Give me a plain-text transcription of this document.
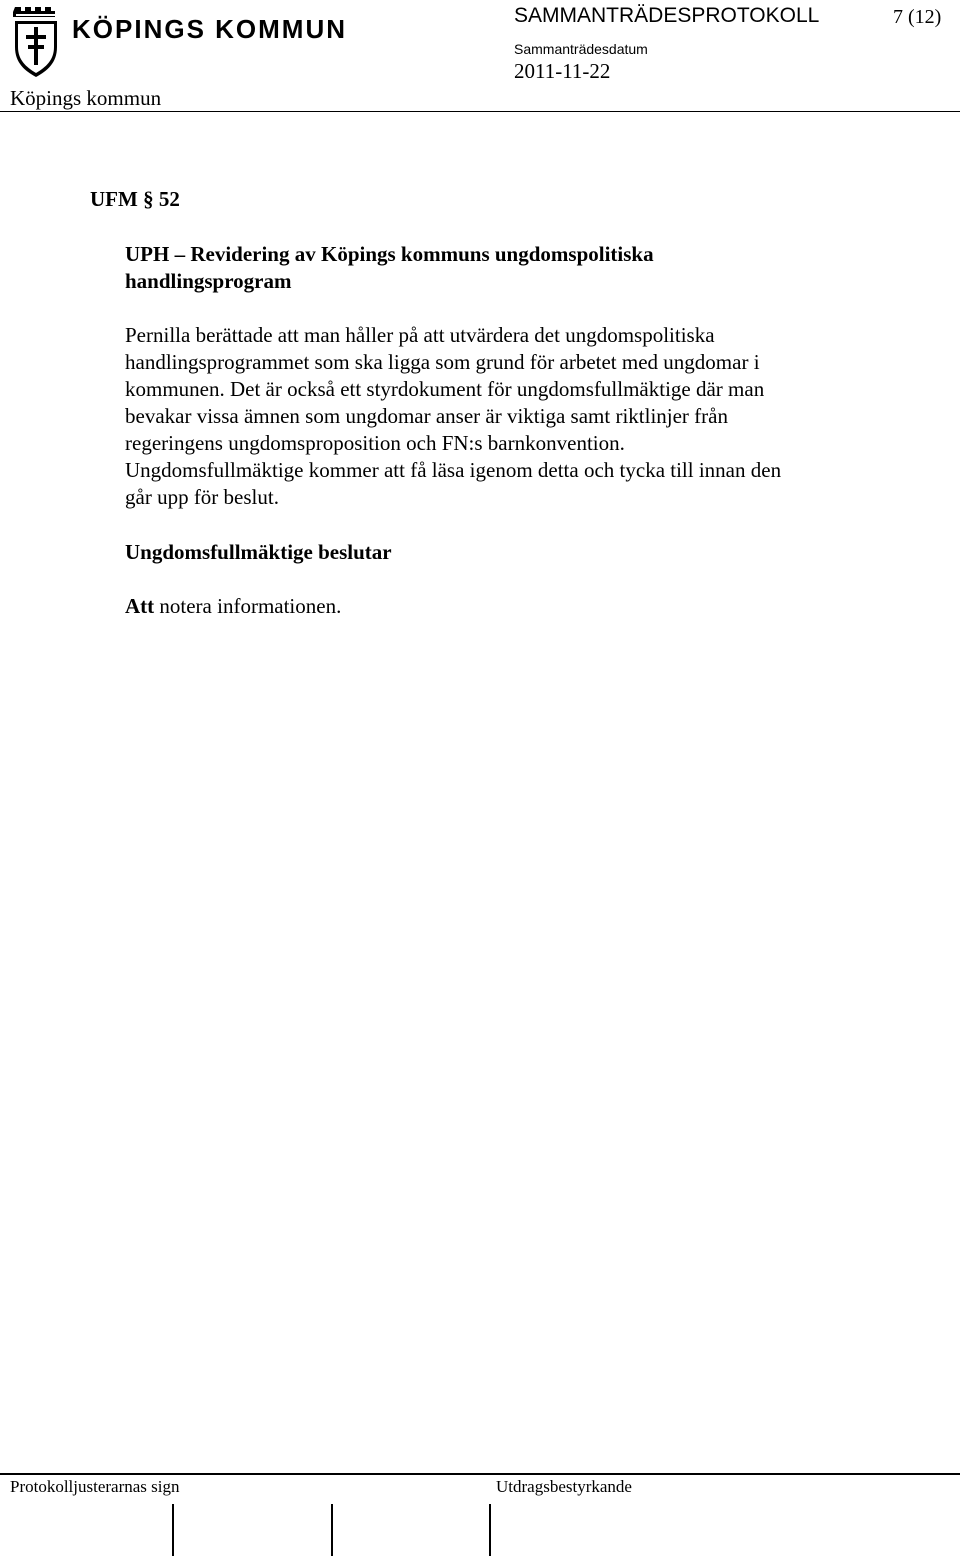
KÖPINGS KOMMUN
Köpings kommun
SAMMANTRÄDESPROTOKOLL	7 (12)
Sammanträdesdatum
2011-11-22
UFM § 52
UPH – Revidering av Köpings kommuns ungdomspolitiska handlingsprogram
Pernilla berättade att man håller på att utvärdera det ungdomspolitiska
handlingsprogrammet som ska ligga som grund för arbetet med ungdomar i
kommunen. Det är också ett styrdokument för ungdomsfullmäktige där man
bevakar vissa ämnen som ungdomar anser är viktiga samt riktlinjer från
regeringens ungdomsproposition och FN:s barnkonvention.
Ungdomsfullmäktige kommer att få läsa igenom detta och tycka till innan den
går upp för beslut.
Ungdomsfullmäktige beslutar
Att notera informationen.
Protokolljusterarnas sign	Utdragsbestyrkande
